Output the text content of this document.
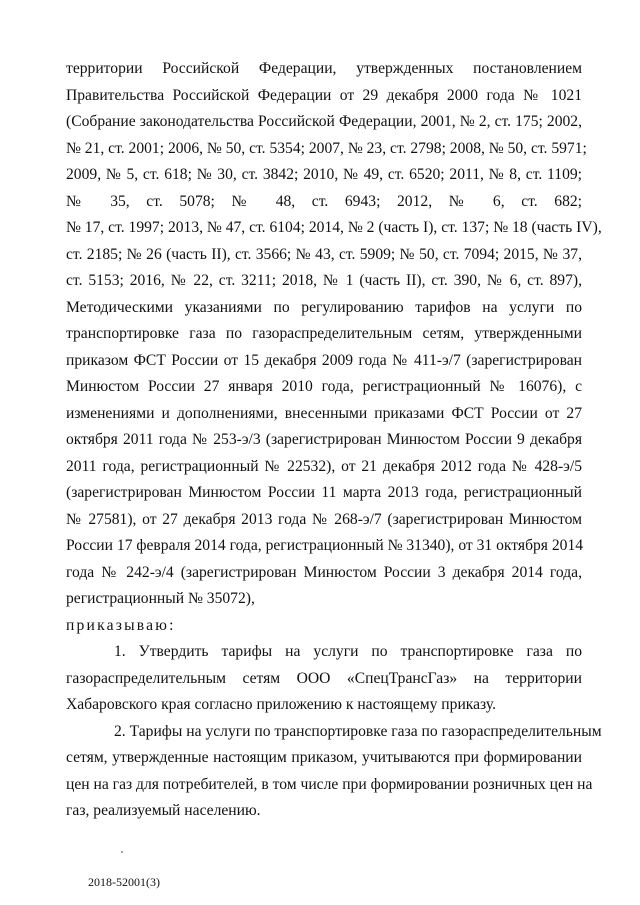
территории Российской Федерации, утвержденных постановлением
Правительства Российской Федерации от 29 декабря 2000 года № 1021
(Собрание законодательства Российской Федерации, 2001, № 2, ст. 175; 2002,
№ 21, ст. 2001; 2006, № 50, ст. 5354; 2007, № 23, ст. 2798; 2008, № 50, ст. 5971;
2009, № 5, ст. 618; № 30, ст. 3842; 2010, № 49, ст. 6520; 2011, № 8, ст. 1109;
№ 35, ст. 5078; № 48, ст. 6943; 2012, № 6, ст. 682;
№ 17, ст. 1997; 2013, № 47, ст. 6104; 2014, № 2 (часть I), ст. 137; № 18 (часть IV),
ст. 2185; № 26 (часть II), ст. 3566; № 43, ст. 5909; № 50, ст. 7094; 2015, № 37,
ст. 5153; 2016, № 22, ст. 3211; 2018, № 1 (часть II), ст. 390, № 6, ст. 897),
Методическими указаниями по регулированию тарифов на услуги по
транспортировке газа по газораспределительным сетям, утвержденными
приказом ФСТ России от 15 декабря 2009 года № 411-э/7 (зарегистрирован
Минюстом России 27 января 2010 года, регистрационный № 16076), с
изменениями и дополнениями, внесенными приказами ФСТ России от 27
октября 2011 года № 253-э/3 (зарегистрирован Минюстом России 9 декабря
2011 года, регистрационный № 22532), от 21 декабря 2012 года № 428-э/5
(зарегистрирован Минюстом России 11 марта 2013 года, регистрационный
№ 27581), от 27 декабря 2013 года № 268-э/7 (зарегистрирован Минюстом
России 17 февраля 2014 года, регистрационный № 31340), от 31 октября 2014
года № 242-э/4 (зарегистрирован Минюстом России 3 декабря 2014 года,
регистрационный № 35072),
приказываю:
1. Утвердить тарифы на услуги по транспортировке газа по
газораспределительным сетям ООО «СпецТрансГаз» на территории
Хабаровского края согласно приложению к настоящему приказу.
2. Тарифы на услуги по транспортировке газа по газораспределительным
сетям, утвержденные настоящим приказом, учитываются при формировании
цен на газ для потребителей, в том числе при формировании розничных цен на
газ, реализуемый населению.
2018-52001(3)
